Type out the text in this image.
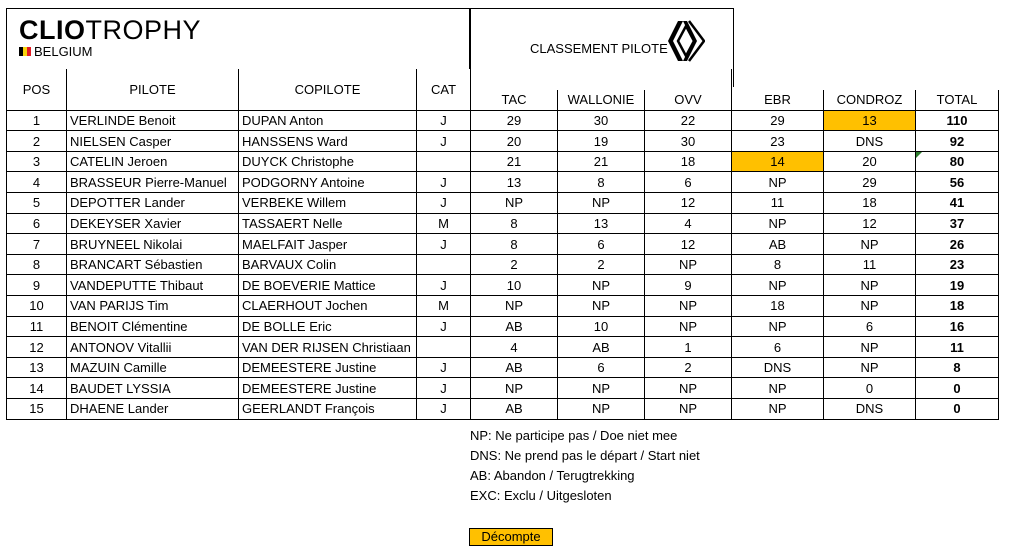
CLIOTROPHY
BELGIUM	CLASSEMENT PILOTE
POS	PILOTE	COPILOTE	CAT						
				TAC	WALLONIE	OVV	EBR	CONDROZ	TOTAL
1	VERLINDE Benoit	DUPAN Anton	J	29	30	22	29	13	110
2	NIELSEN Casper	HANSSENS Ward	J	20	19	30	23	DNS	92
3	CATELIN Jeroen	DUYCK Christophe		21	21	18	14	20	80
4	BRASSEUR Pierre-Manuel	PODGORNY Antoine	J	13	8	6	NP	29	56
5	DEPOTTER Lander	VERBEKE Willem	J	NP	NP	12	11	18	41
6	DEKEYSER Xavier	TASSAERT Nelle	M	8	13	4	NP	12	37
7	BRUYNEEL Nikolai	MAELFAIT Jasper	J	8	6	12	AB	NP	26
8	BRANCART Sébastien	BARVAUX Colin		2	2	NP	8	11	23
9	VANDEPUTTE Thibaut	DE BOEVERIE Mattice	J	10	NP	9	NP	NP	19
10	VAN PARIJS Tim	CLAERHOUT Jochen	M	NP	NP	NP	18	NP	18
11	BENOIT Clémentine	DE BOLLE Eric	J	AB	10	NP	NP	6	16
12	ANTONOV Vitallii	VAN DER RIJSEN Christiaan		4	AB	1	6	NP	11
13	MAZUIN Camille	DEMEESTERE Justine	J	AB	6	2	DNS	NP	8
14	BAUDET LYSSIA	DEMEESTERE Justine	J	NP	NP	NP	NP	0	0
15	DHAENE Lander	GEERLANDT François	J	AB	NP	NP	NP	DNS	0
NP: Ne participe pas / Doe niet mee
DNS: Ne prend pas le départ / Start niet
AB: Abandon / Terugtrekking
EXC: Exclu / Uitgesloten
Décompte
